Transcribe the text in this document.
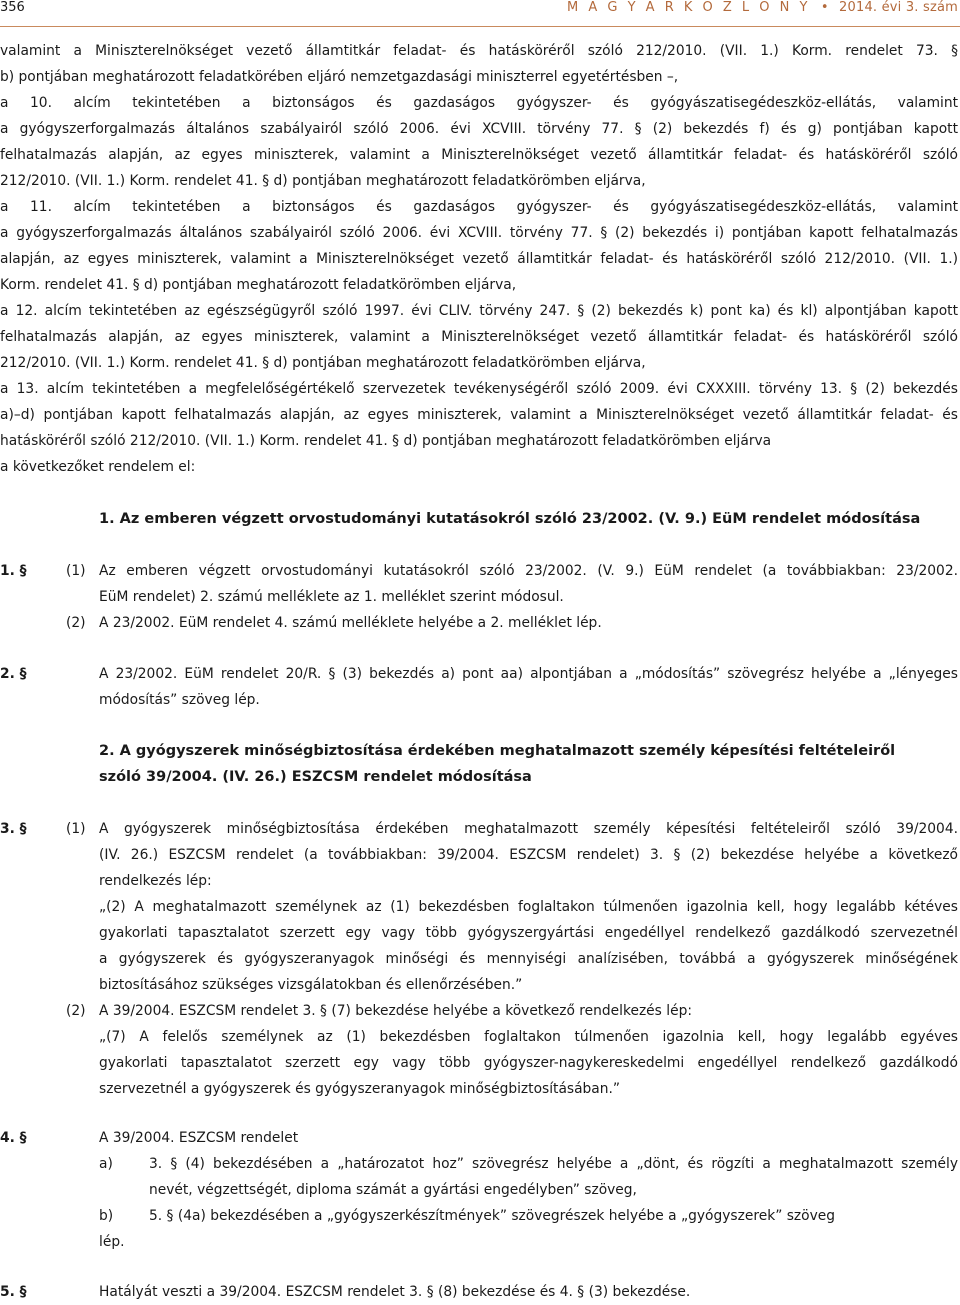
356	M A G Y A R K Ö Z L Ö N Y • 2014. évi 3. szám
valamint a Miniszterelnökséget vezető államtitkár feladat- és hatásköréről szóló 212/2010. (VII. 1.) Korm. rendelet 73. §
b) pontjában meghatározott feladatkörében eljáró nemzetgazdasági miniszterrel egyetértésben –,
a 10. alcím tekintetében a biztonságos és gazdaságos gyógyszer- és gyógyászatisegédeszköz-ellátás, valamint
a gyógyszerforgalmazás általános szabályairól szóló 2006. évi XCVIII. törvény 77. § (2) bekezdés f) és g) pontjában kapott
felhatalmazás alapján, az egyes miniszterek, valamint a Miniszterelnökséget vezető államtitkár feladat- és hatásköréről szóló
212/2010. (VII. 1.) Korm. rendelet 41. § d) pontjában meghatározott feladatkörömben eljárva,
a 11. alcím tekintetében a biztonságos és gazdaságos gyógyszer- és gyógyászatisegédeszköz-ellátás, valamint
a gyógyszerforgalmazás általános szabályairól szóló 2006. évi XCVIII. törvény 77. § (2) bekezdés i) pontjában kapott felhatalmazás
alapján, az egyes miniszterek, valamint a Miniszterelnökséget vezető államtitkár feladat- és hatásköréről szóló 212/2010. (VII. 1.)
Korm. rendelet 41. § d) pontjában meghatározott feladatkörömben eljárva,
a 12. alcím tekintetében az egészségügyről szóló 1997. évi CLIV. törvény 247. § (2) bekezdés k) pont ka) és kl) alpontjában kapott
felhatalmazás alapján, az egyes miniszterek, valamint a Miniszterelnökséget vezető államtitkár feladat- és hatásköréről szóló
212/2010. (VII. 1.) Korm. rendelet 41. § d) pontjában meghatározott feladatkörömben eljárva,
a 13. alcím tekintetében a megfelelőségértékelő szervezetek tevékenységéről szóló 2009. évi CXXXIII. törvény 13. § (2) bekezdés
a)–d) pontjában kapott felhatalmazás alapján, az egyes miniszterek, valamint a Miniszterelnökséget vezető államtitkár feladat- és
hatásköréről szóló 212/2010. (VII. 1.) Korm. rendelet 41. § d) pontjában meghatározott feladatkörömben eljárva
a következőket rendelem el:
1. Az emberen végzett orvostudományi kutatásokról szóló 23/2002. (V. 9.) EüM rendelet módosítása
1. §	(1) Az emberen végzett orvostudományi kutatásokról szóló 23/2002. (V. 9.) EüM rendelet (a továbbiakban: 23/2002.
EüM rendelet) 2. számú melléklete az 1. melléklet szerint módosul.
(2) A 23/2002. EüM rendelet 4. számú melléklete helyébe a 2. melléklet lép.
2. §	A 23/2002. EüM rendelet 20/R. § (3) bekezdés a) pont aa) alpontjában a „módosítás” szövegrész helyébe a „lényeges
módosítás” szöveg lép.
2. A gyógyszerek minőségbiztosítása érdekében meghatalmazott személy képesítési feltételeiről
szóló 39/2004. (IV. 26.) ESZCSM rendelet módosítása
3. §	(1) A gyógyszerek minőségbiztosítása érdekében meghatalmazott személy képesítési feltételeiről szóló 39/2004.
(IV. 26.) ESZCSM rendelet (a továbbiakban: 39/2004. ESZCSM rendelet) 3. § (2) bekezdése helyébe a következő
rendelkezés lép:
„(2) A meghatalmazott személynek az (1) bekezdésben foglaltakon túlmenően igazolnia kell, hogy legalább kétéves
gyakorlati tapasztalatot szerzett egy vagy több gyógyszergyártási engedéllyel rendelkező gazdálkodó szervezetnél
a gyógyszerek és gyógyszeranyagok minőségi és mennyiségi analízisében, továbbá a gyógyszerek minőségének
biztosításához szükséges vizsgálatokban és ellenőrzésében.”
(2) A 39/2004. ESZCSM rendelet 3. § (7) bekezdése helyébe a következő rendelkezés lép:
„(7) A felelős személynek az (1) bekezdésben foglaltakon túlmenően igazolnia kell, hogy legalább egyéves
gyakorlati tapasztalatot szerzett egy vagy több gyógyszer-nagykereskedelmi engedéllyel rendelkező gazdálkodó
szervezetnél a gyógyszerek és gyógyszeranyagok minőségbiztosításában.”
4. §	A 39/2004. ESZCSM rendelet
a)	3. § (4) bekezdésében a „határozatot hoz” szövegrész helyébe a „dönt, és rögzíti a meghatalmazott személy
nevét, végzettségét, diploma számát a gyártási engedélyben” szöveg,
b)	5. § (4a) bekezdésében a „gyógyszerkészítmények” szövegrészek helyébe a „gyógyszerek” szöveg
lép.
5. §	Hatályát veszti a 39/2004. ESZCSM rendelet 3. § (8) bekezdése és 4. § (3) bekezdése.
